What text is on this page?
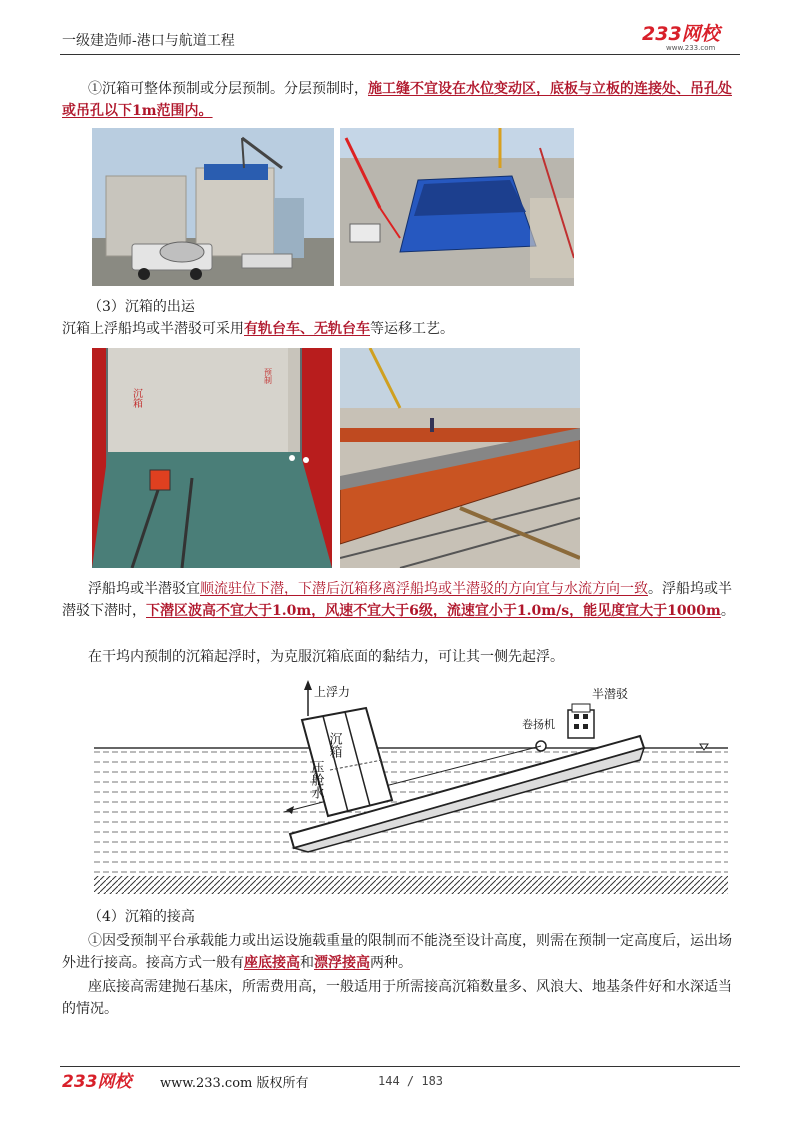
一级建造师-港口与航道工程	233网校
www.233.com
①沉箱可整体预制或分层预制。分层预制时，施工缝不宜设在水位变动区，底板与立板的连接处、吊孔处或吊孔以下1m范围内。
（3）沉箱的出运
沉箱上浮船坞或半潜驳可采用有轨台车、无轨台车等运移工艺。
沉箱
预制
浮船坞或半潜驳宜顺流驻位下潜，下潜后沉箱移离浮船坞或半潜驳的方向宜与水流方向一致。浮船坞或半潜驳下潜时，下潜区波高不宜大于1.0m，风速不宜大于6级，流速宜小于1.0m/s，能见度宜大于1000m。
在干坞内预制的沉箱起浮时，为克服沉箱底面的黏结力，可让其一侧先起浮。
上浮力
沉箱
压舱水
半潜驳
卷扬机
（4）沉箱的接高
①因受预制平台承载能力或出运设施载重量的限制而不能浇至设计高度，则需在预制一定高度后，运出场外进行接高。接高方式一般有座底接高和漂浮接高两种。
座底接高需建抛石基床，所需费用高，一般适用于所需接高沉箱数量多、风浪大、地基条件好和水深适当的情况。
233网校 www.233.com 版权所有	144 / 183
